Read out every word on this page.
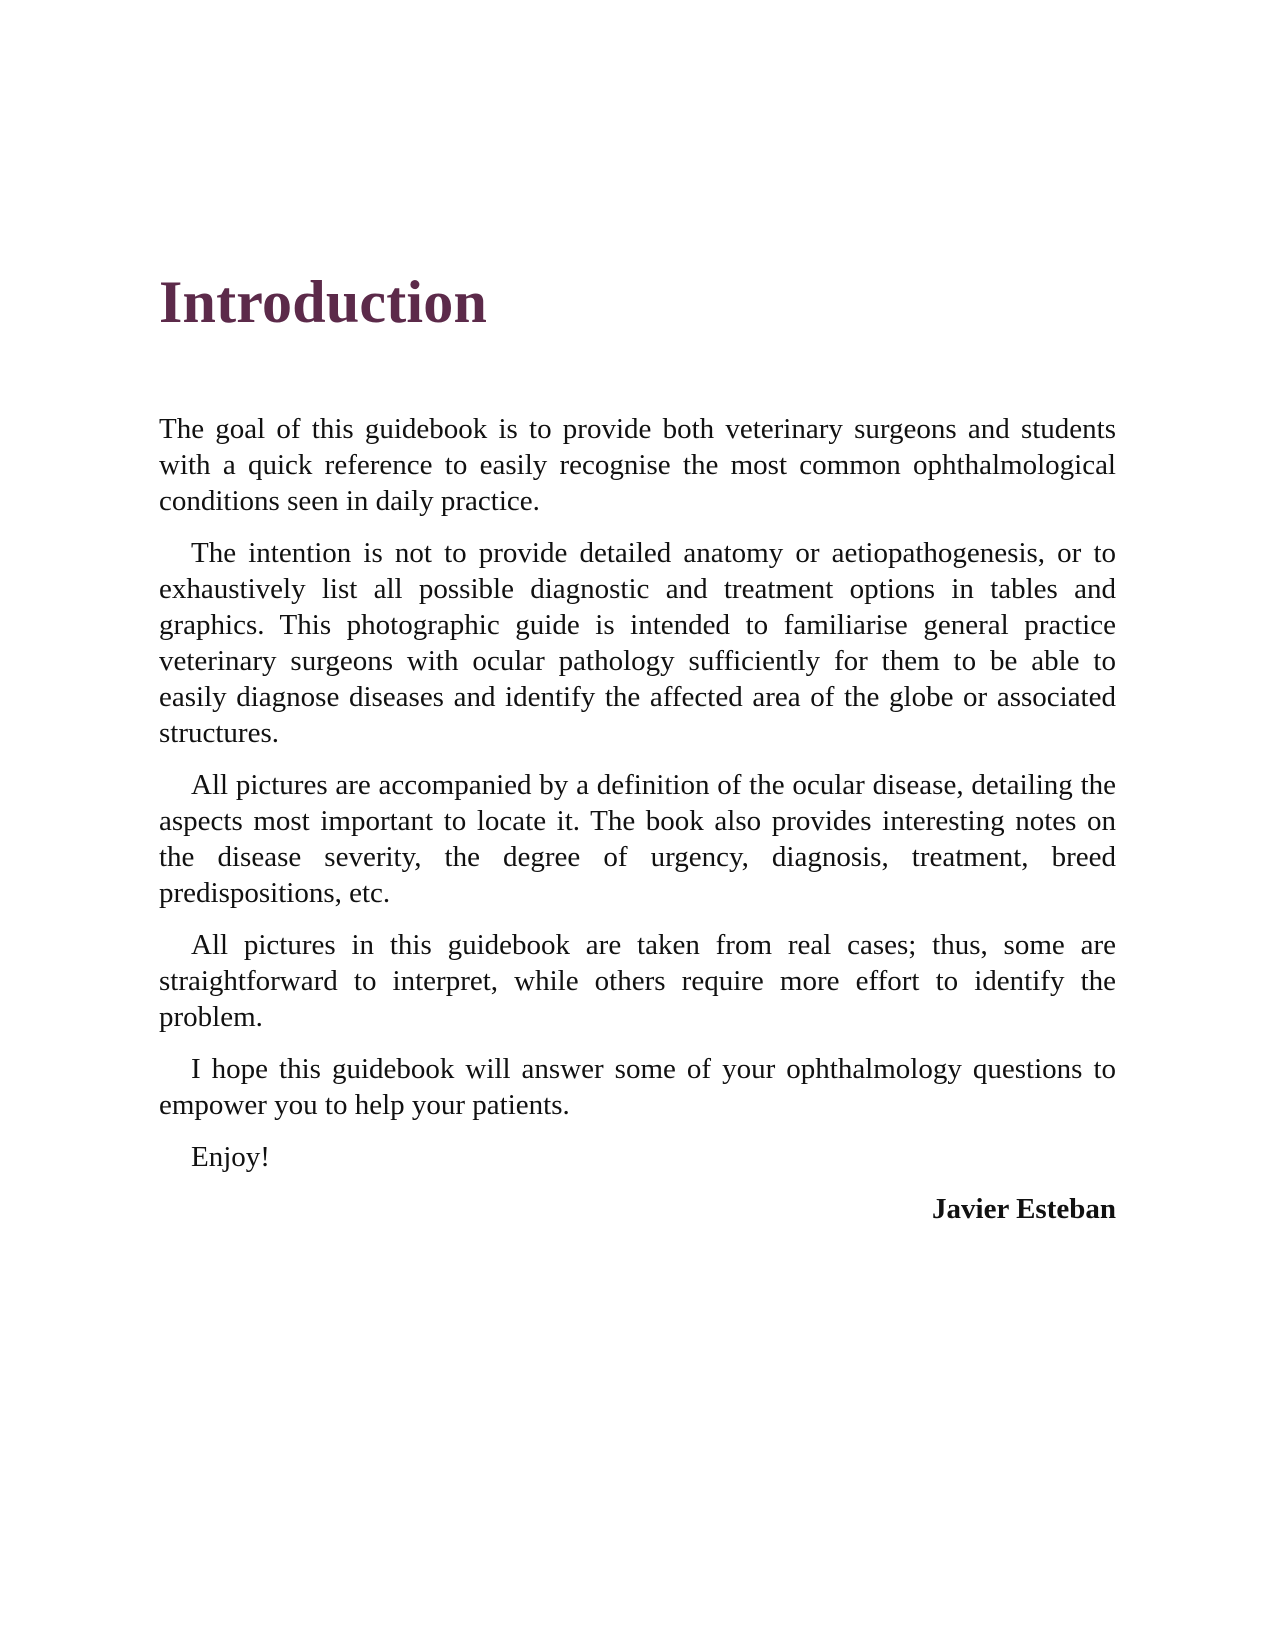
Introduction

The goal of this guidebook is to provide both veterinary surgeons and students with a quick reference to easily recognise the most common ophthalmological conditions seen in daily practice.

The intention is not to provide detailed anatomy or aetiopathogenesis, or to exhaustively list all possible diagnostic and treatment options in tables and graphics. This photographic guide is intended to familiarise general practice veterinary surgeons with ocular pathology sufficiently for them to be able to easily diagnose diseases and identify the affected area of the globe or associated structures.

All pictures are accompanied by a definition of the ocular disease, detailing the aspects most important to locate it. The book also provides interesting notes on the disease severity, the degree of urgency, diagnosis, treatment, breed predispositions, etc.

All pictures in this guidebook are taken from real cases; thus, some are straightforward to interpret, while others require more effort to identify the problem.

I hope this guidebook will answer some of your ophthalmology questions to empower you to help your patients.

Enjoy!

Javier Esteban
